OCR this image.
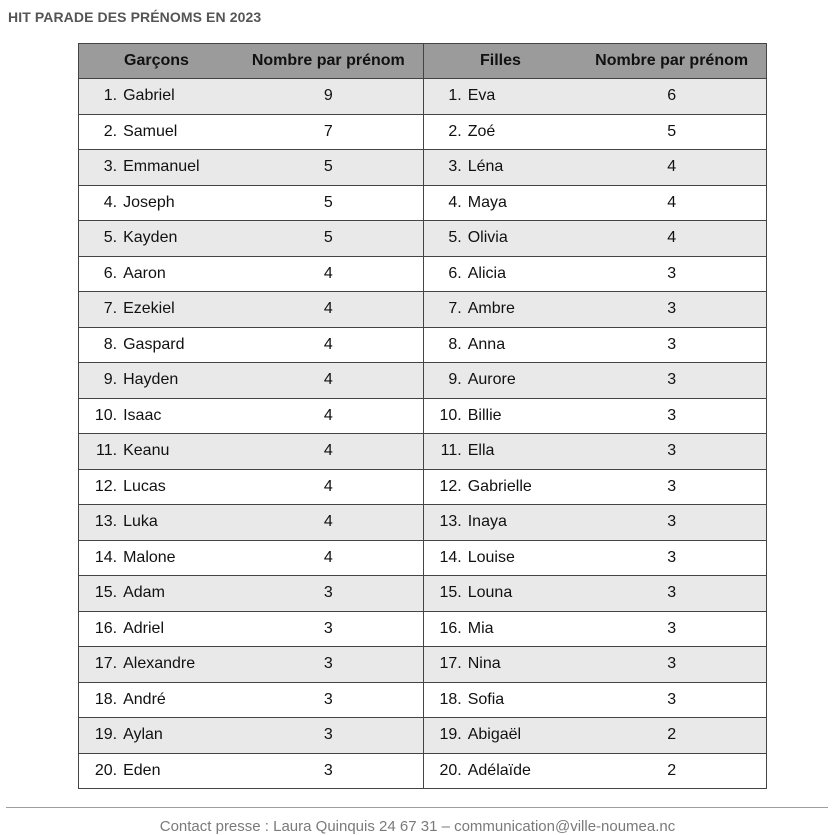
HIT PARADE DES PRÉNOMS EN 2023
Garçons		Nombre par prénom	Filles		Nombre par prénom
1.	Gabriel	9	1.	Eva	6
2.	Samuel	7	2.	Zoé	5
3.	Emmanuel	5	3.	Léna	4
4.	Joseph	5	4.	Maya	4
5.	Kayden	5	5.	Olivia	4
6.	Aaron	4	6.	Alicia	3
7.	Ezekiel	4	7.	Ambre	3
8.	Gaspard	4	8.	Anna	3
9.	Hayden	4	9.	Aurore	3
10.	Isaac	4	10.	Billie	3
11.	Keanu	4	11.	Ella	3
12.	Lucas	4	12.	Gabrielle	3
13.	Luka	4	13.	Inaya	3
14.	Malone	4	14.	Louise	3
15.	Adam	3	15.	Louna	3
16.	Adriel	3	16.	Mia	3
17.	Alexandre	3	17.	Nina	3
18.	André	3	18.	Sofia	3
19.	Aylan	3	19.	Abigaël	2
20.	Eden	3	20.	Adélaïde	2
Contact presse : Laura Quinquis 24 67 31 – communication@ville-noumea.nc
